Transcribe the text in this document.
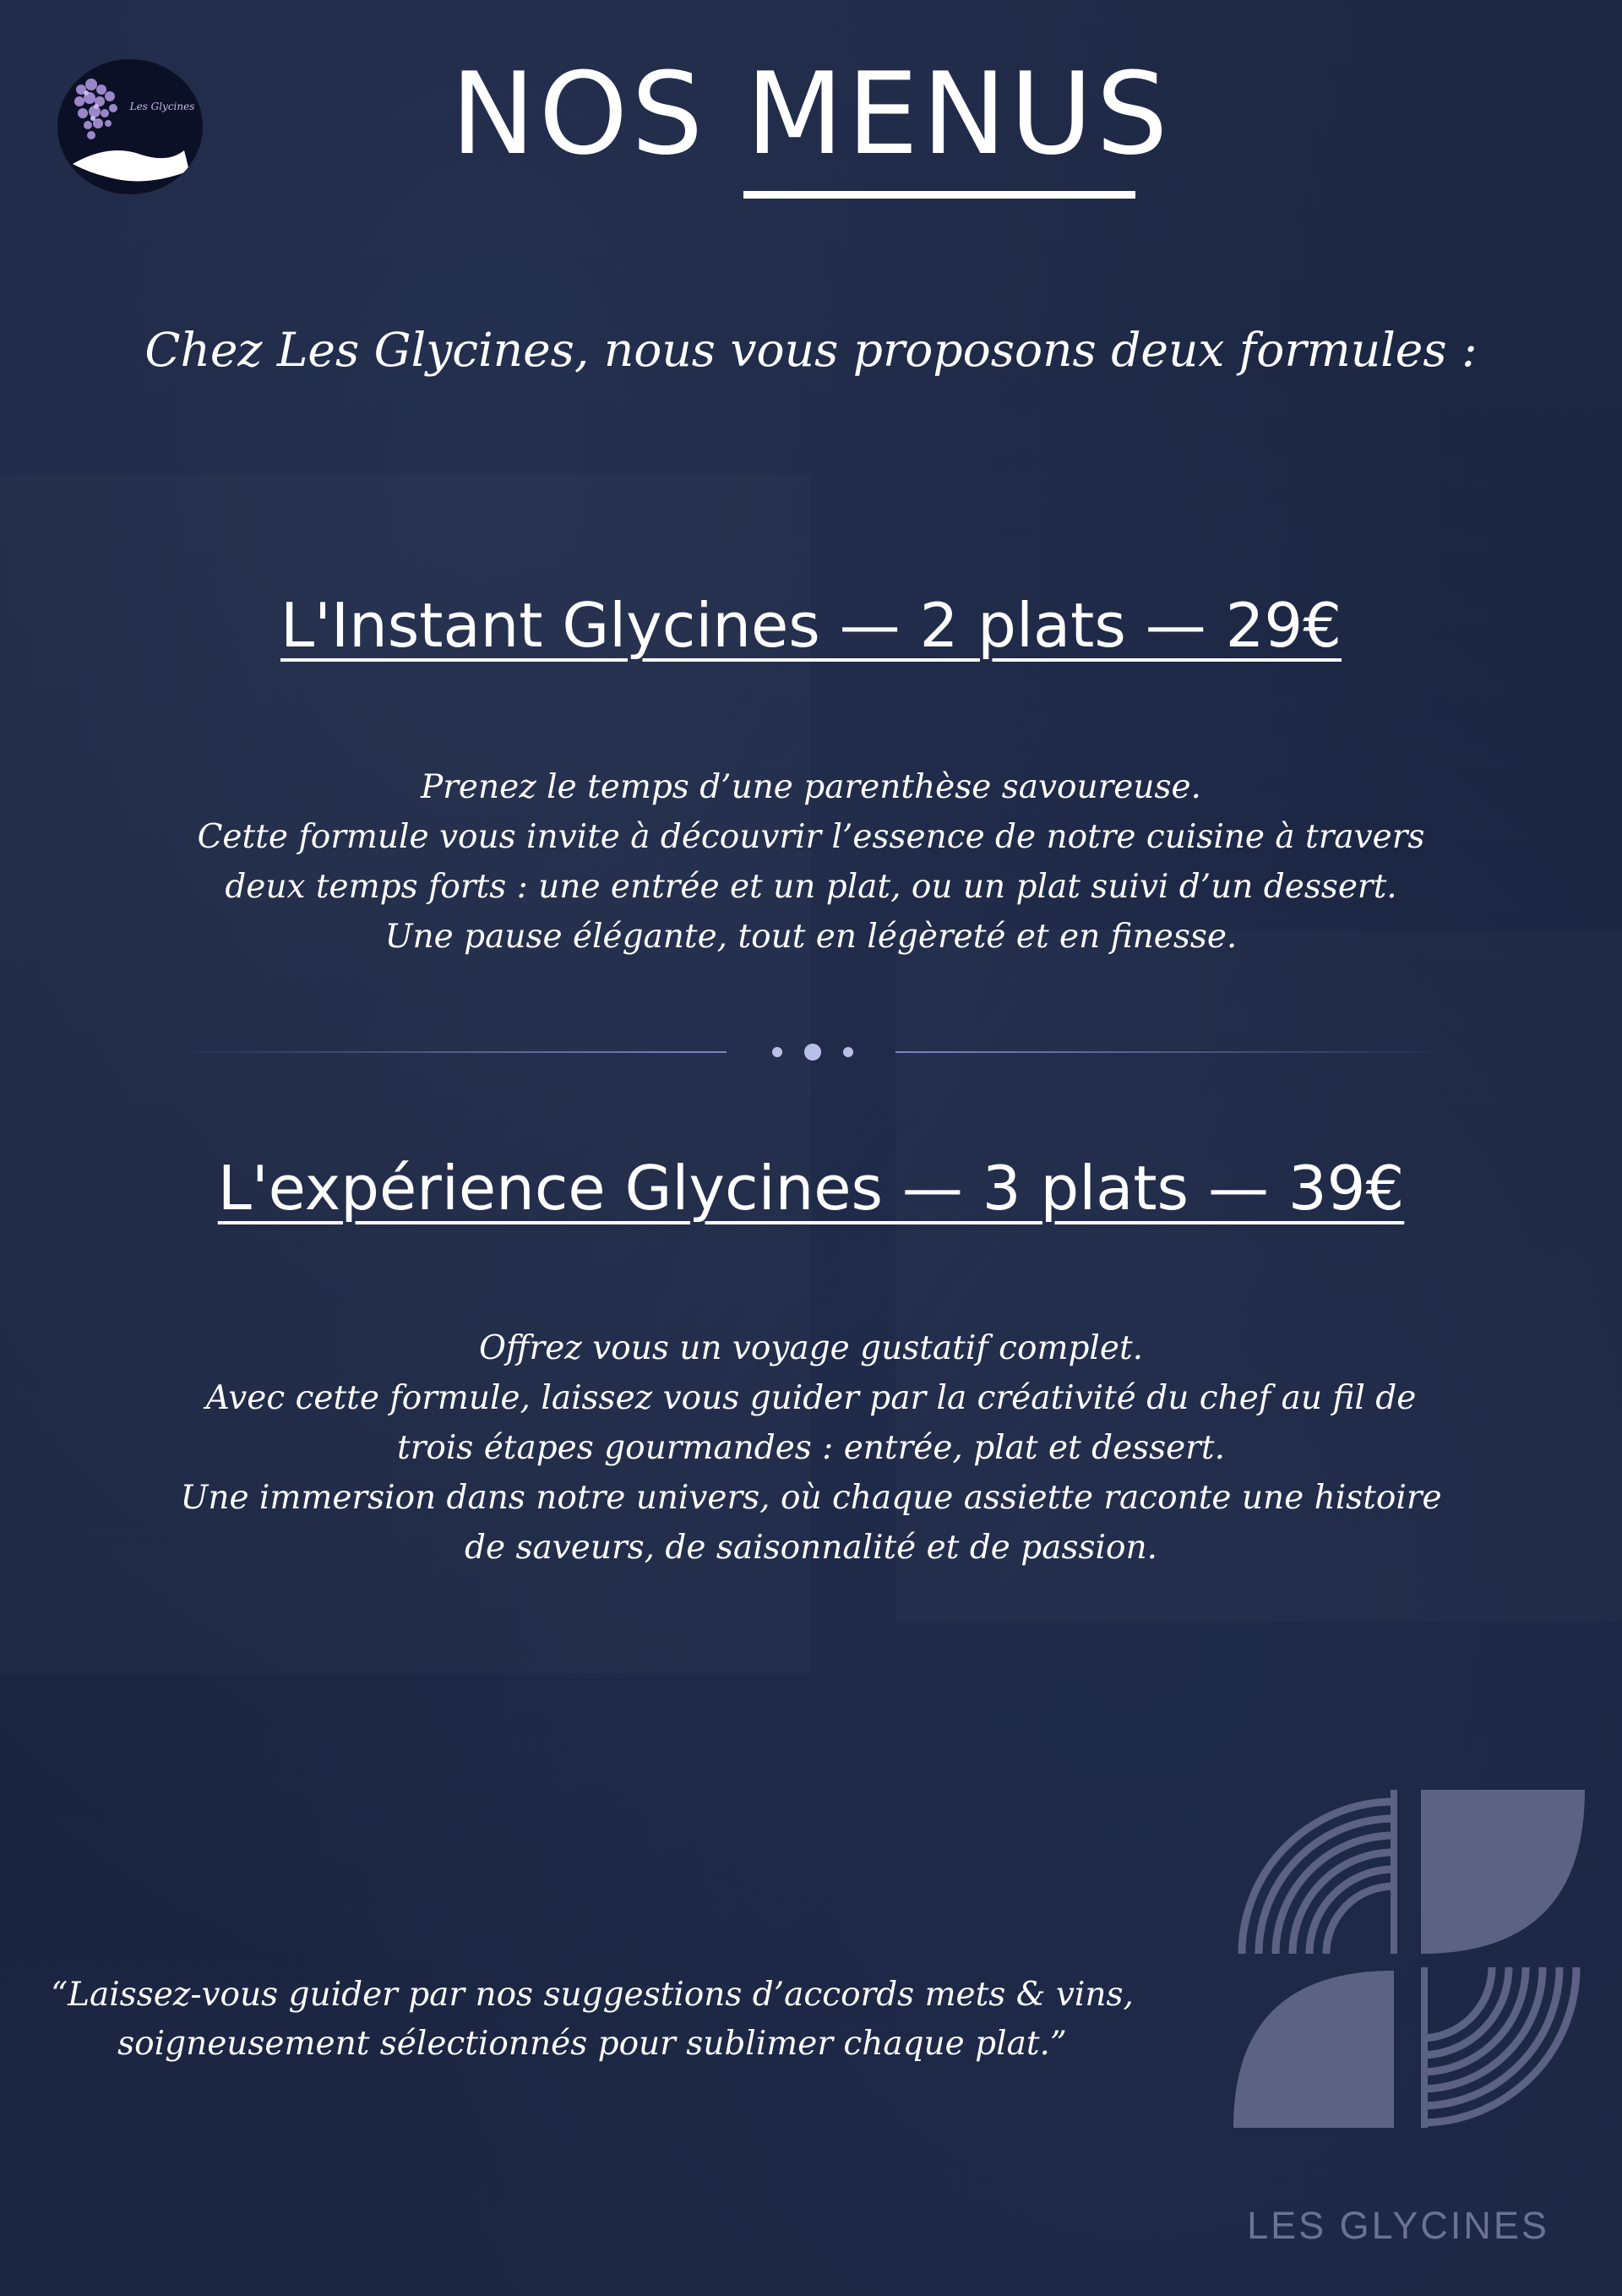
Les Glycines	NOS MENUS

Chez Les Glycines, nous vous proposons deux formules :

L'Instant Glycines — 2 plats — 29€

Prenez le temps d’une parenthèse savoureuse.
Cette formule vous invite à découvrir l’essence de notre cuisine à travers
deux temps forts : une entrée et un plat, ou un plat suivi d’un dessert.
Une pause élégante, tout en légèreté et en finesse.

L'expérience Glycines — 3 plats — 39€

Offrez vous un voyage gustatif complet.
Avec cette formule, laissez vous guider par la créativité du chef au fil de
trois étapes gourmandes : entrée, plat et dessert.
Une immersion dans notre univers, où chaque assiette raconte une histoire
de saveurs, de saisonnalité et de passion.

“Laissez-vous guider par nos suggestions d’accords mets & vins,
soigneusement sélectionnés pour sublimer chaque plat.”

LES GLYCINES
